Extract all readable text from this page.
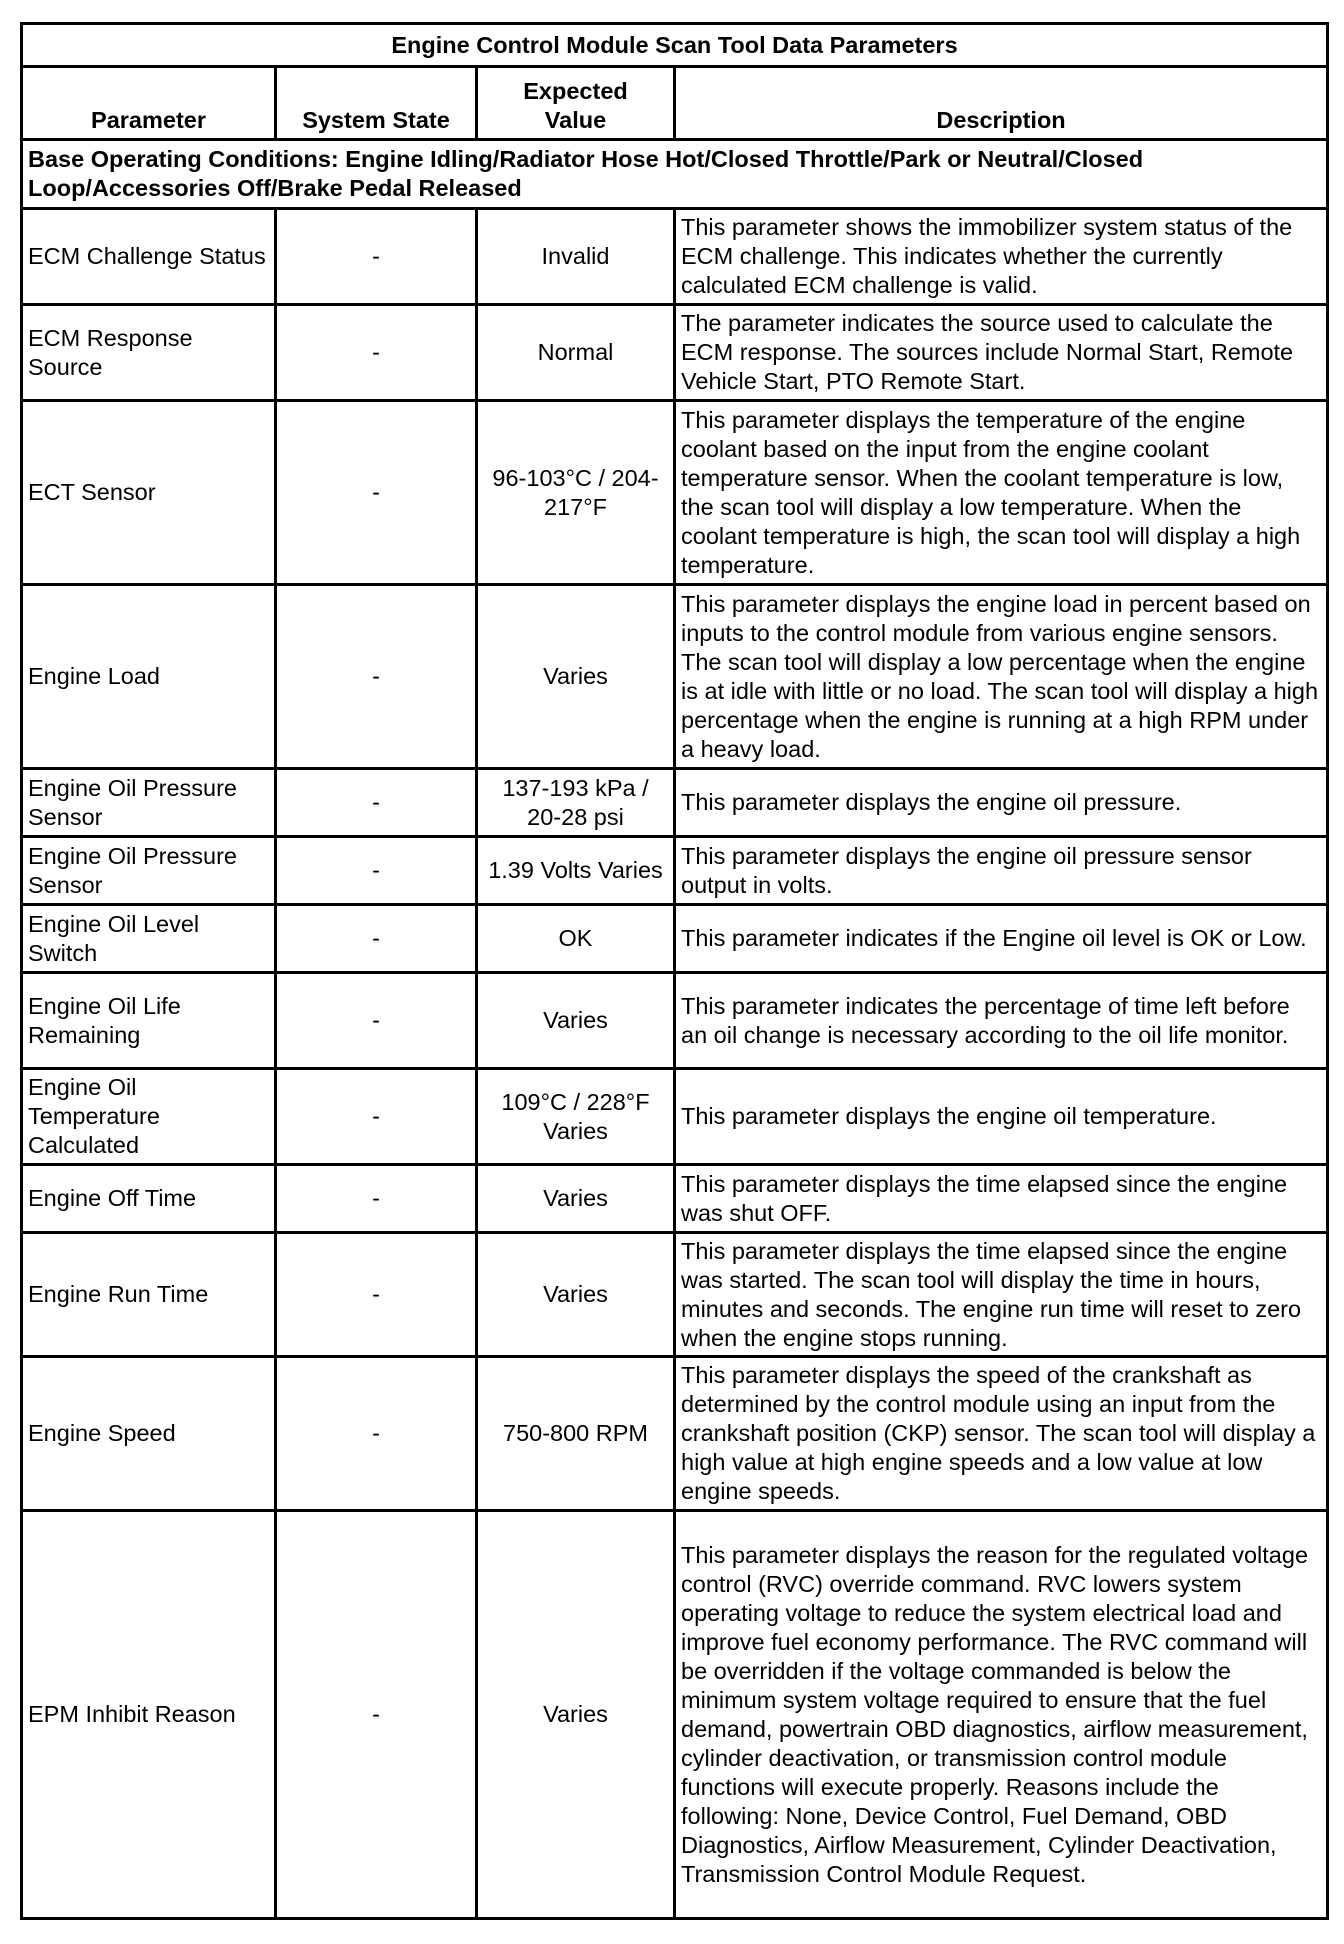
Engine Control Module Scan Tool Data Parameters			
Parameter	System State	Expected Value	Description
Base Operating Conditions: Engine Idling/Radiator Hose Hot/Closed Throttle/Park or Neutral/Closed Loop/Accessories Off/Brake Pedal Released			
ECM Challenge Status	-	Invalid	This parameter shows the immobilizer system status of the ECM challenge. This indicates whether the currently calculated ECM challenge is valid.
ECM Response Source	-	Normal	The parameter indicates the source used to calculate the ECM response. The sources include Normal Start, Remote Vehicle Start, PTO Remote Start.
ECT Sensor	-	96-103°C / 204-217°F	This parameter displays the temperature of the engine coolant based on the input from the engine coolant temperature sensor. When the coolant temperature is low, the scan tool will display a low temperature. When the coolant temperature is high, the scan tool will display a high temperature.
Engine Load	-	Varies	This parameter displays the engine load in percent based on inputs to the control module from various engine sensors. The scan tool will display a low percentage when the engine is at idle with little or no load. The scan tool will display a high percentage when the engine is running at a high RPM under a heavy load.
Engine Oil Pressure Sensor	-	137-193 kPa / 20-28 psi	This parameter displays the engine oil pressure.
Engine Oil Pressure Sensor	-	1.39 Volts Varies	This parameter displays the engine oil pressure sensor output in volts.
Engine Oil Level Switch	-	OK	This parameter indicates if the Engine oil level is OK or Low.
Engine Oil Life Remaining	-	Varies	This parameter indicates the percentage of time left before an oil change is necessary according to the oil life monitor.
Engine Oil Temperature Calculated	-	109°C / 228°F Varies	This parameter displays the engine oil temperature.
Engine Off Time	-	Varies	This parameter displays the time elapsed since the engine was shut OFF.
Engine Run Time	-	Varies	This parameter displays the time elapsed since the engine was started. The scan tool will display the time in hours, minutes and seconds. The engine run time will reset to zero when the engine stops running.
Engine Speed	-	750-800 RPM	This parameter displays the speed of the crankshaft as determined by the control module using an input from the crankshaft position (CKP) sensor. The scan tool will display a high value at high engine speeds and a low value at low engine speeds.
EPM Inhibit Reason	-	Varies	This parameter displays the reason for the regulated voltage control (RVC) override command. RVC lowers system operating voltage to reduce the system electrical load and improve fuel economy performance. The RVC command will be overridden if the voltage commanded is below the minimum system voltage required to ensure that the fuel demand, powertrain OBD diagnostics, airflow measurement, cylinder deactivation, or transmission control module functions will execute properly. Reasons include the following: None, Device Control, Fuel Demand, OBD Diagnostics, Airflow Measurement, Cylinder Deactivation, Transmission Control Module Request.
